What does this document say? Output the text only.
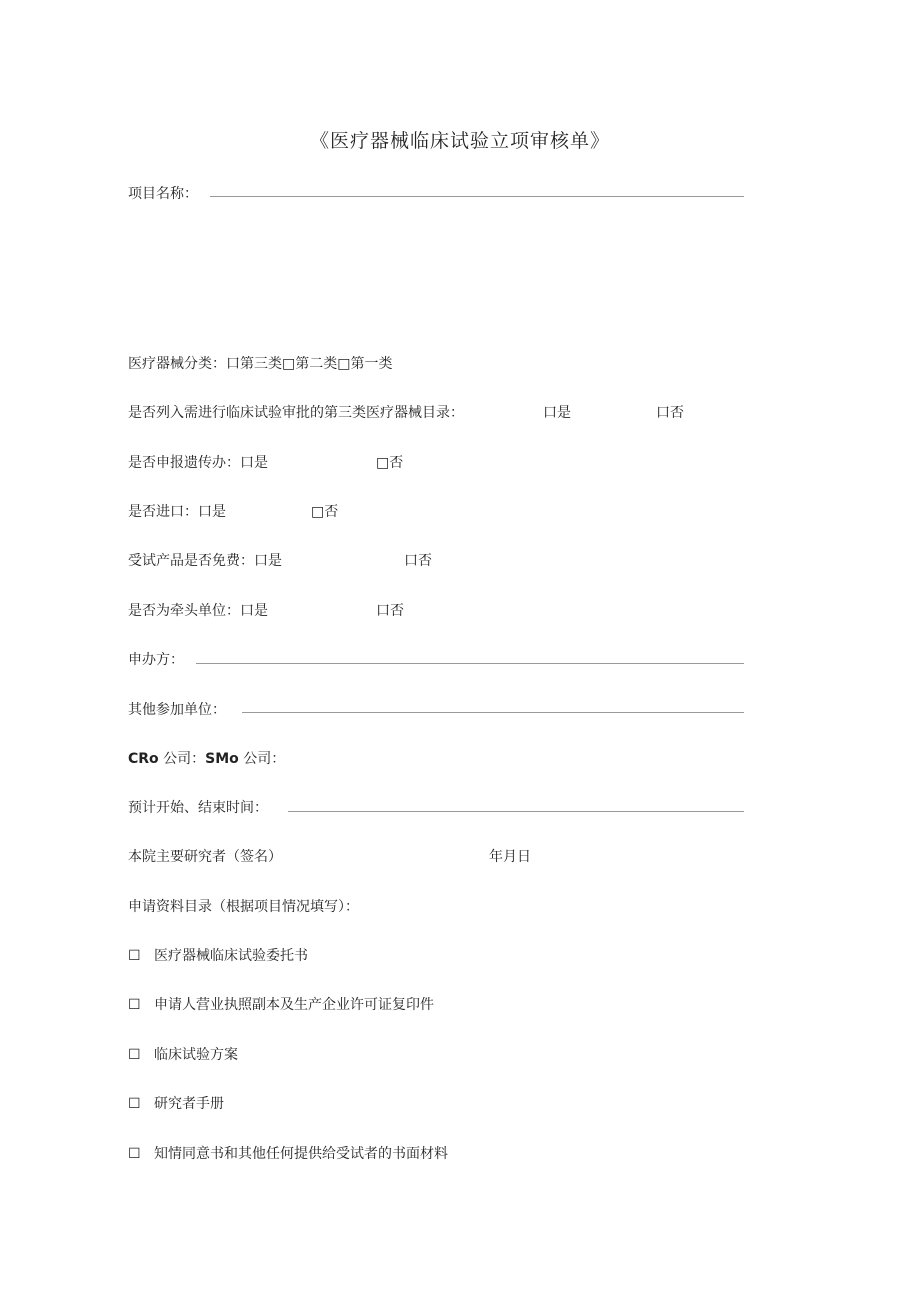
《医疗器械临床试验立项审核单》
项目名称：
医疗器械分类：口第三类□第二类□第一类
是否列入需进行临床试验审批的第三类医疗器械目录：	口是	口否
是否申报遗传办：口是	□否
是否进口：口是	□否
受试产品是否免费：口是	口否
是否为牵头单位：口是	口否
申办方：
其他参加单位：
CRo 公司：SMo 公司：
预计开始、结束时间：
本院主要研究者（签名）	年月日
申请资料目录（根据项目情况填写）：
☐ 医疗器械临床试验委托书
☐ 申请人营业执照副本及生产企业许可证复印件
☐ 临床试验方案
☐ 研究者手册
☐ 知情同意书和其他任何提供给受试者的书面材料
